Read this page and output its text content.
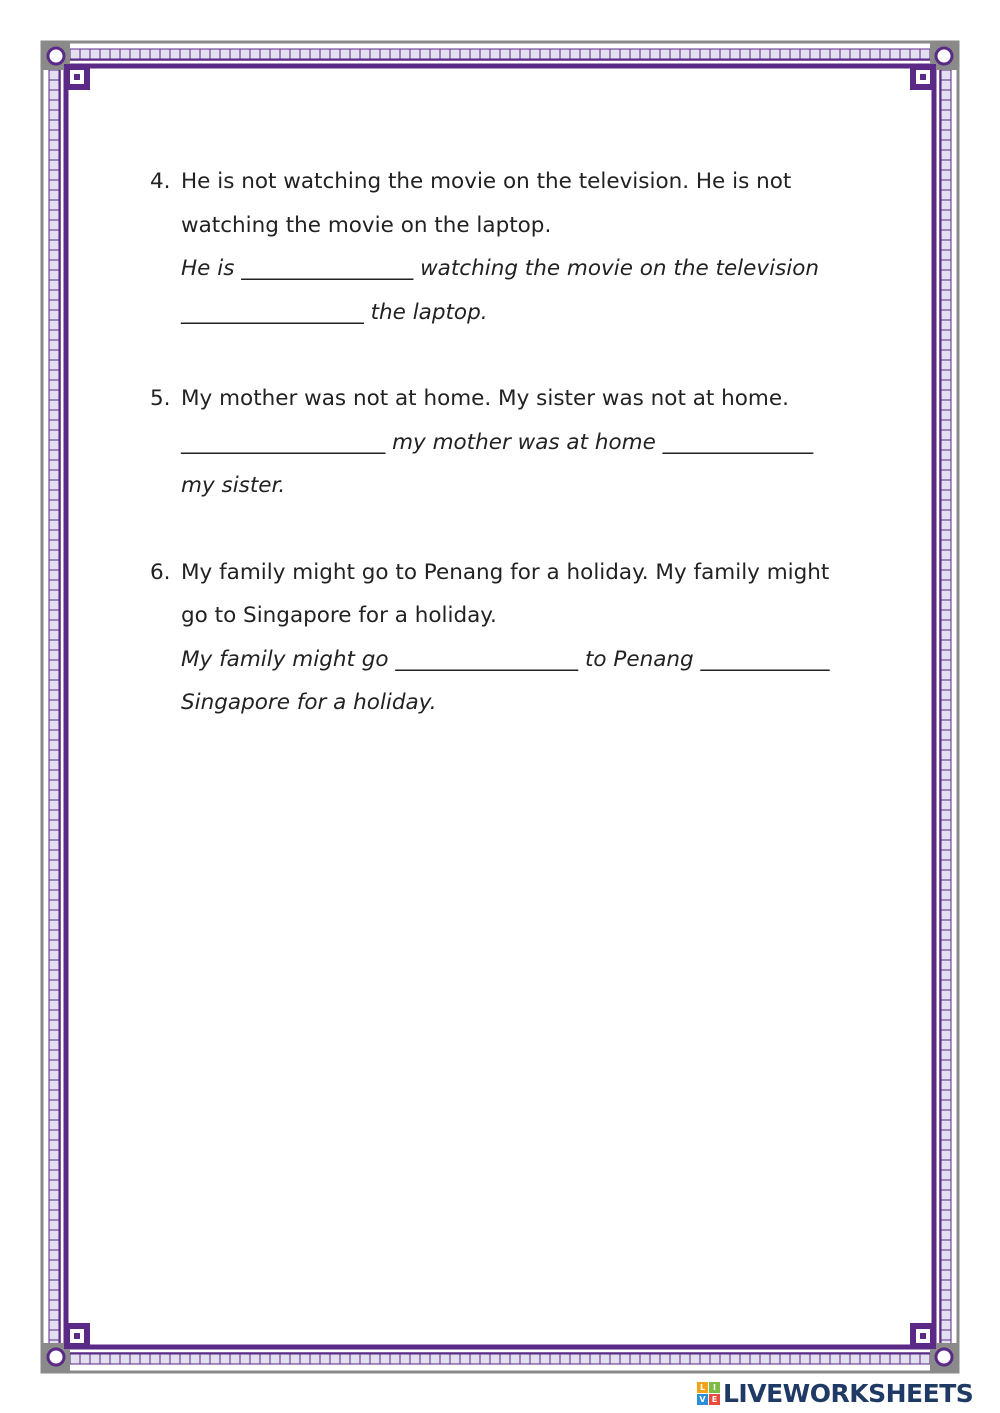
4. He is not watching the movie on the television. He is not
watching the movie on the laptop.
He is ________________ watching the movie on the television
_________________ the laptop.
5. My mother was not at home. My sister was not at home.
___________________ my mother was at home ______________
my sister.
6. My family might go to Penang for a holiday. My family might
go to Singapore for a holiday.
My family might go _________________ to Penang ____________
Singapore for a holiday.
L I
V E LIVEWORKSHEETS
